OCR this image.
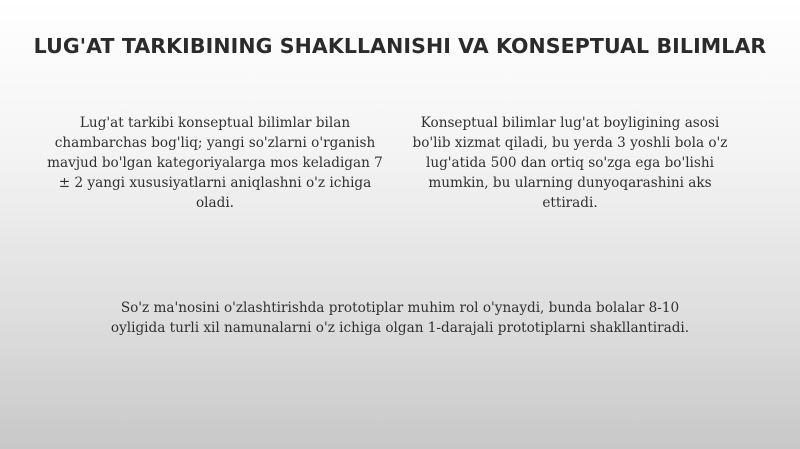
LUG'AT TARKIBINING SHAKLLANISHI VA KONSEPTUAL BILIMLAR
Lug'at tarkibi konseptual bilimlar bilan chambarchas bog'liq; yangi so'zlarni o'rganish mavjud bo'lgan kategoriyalarga mos keladigan 7 ± 2 yangi xususiyatlarni aniqlashni o'z ichiga oladi.
Konseptual bilimlar lug'at boyligining asosi bo'lib xizmat qiladi, bu yerda 3 yoshli bola o'z lug'atida 500 dan ortiq so'zga ega bo'lishi mumkin, bu ularning dunyoqarashini aks ettiradi.
So'z ma'nosini o'zlashtirishda prototiplar muhim rol o'ynaydi, bunda bolalar 8-10 oyligida turli xil namunalarni o'z ichiga olgan 1-darajali prototiplarni shakllantiradi.
